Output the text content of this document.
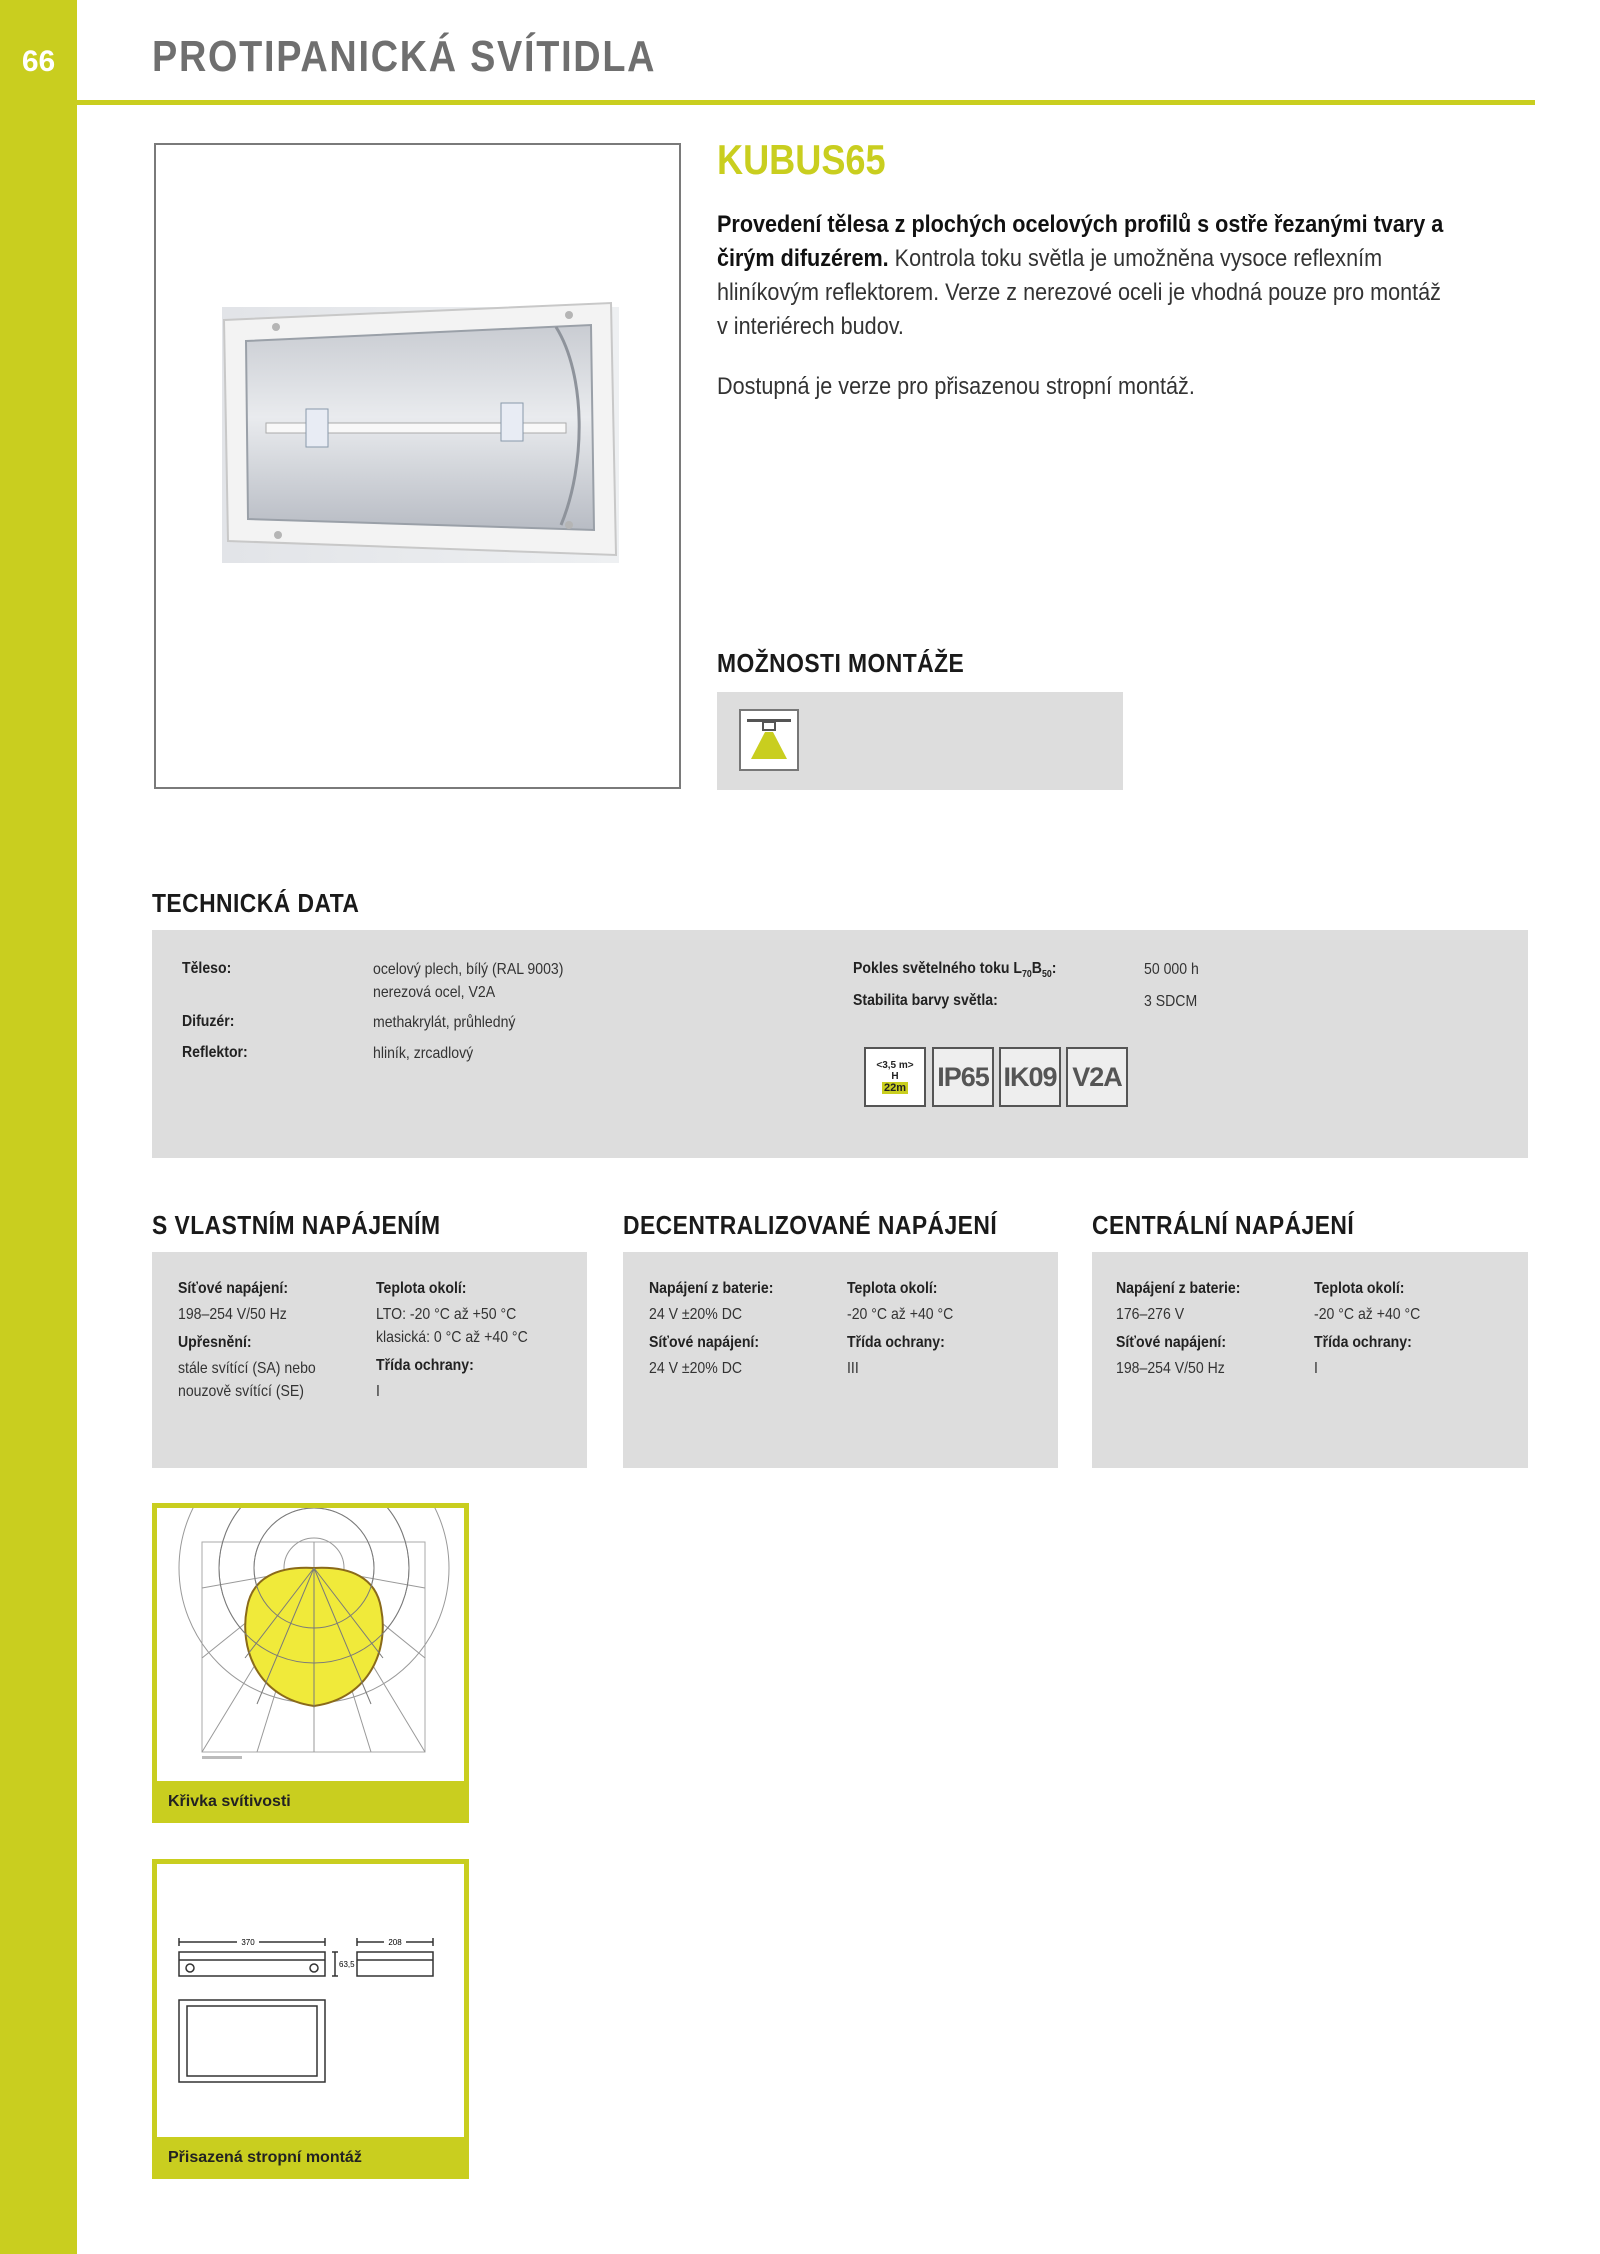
66	PROTIPANICKÁ SVÍTIDLA
KUBUS65
Provedení tělesa z plochých ocelových profilů s ostře řezanými tvary a čirým difuzérem. Kontrola toku světla je umožněna vysoce reflexním hliníkovým reflektorem. Verze z nerezové oceli je vhodná pouze pro montáž v interiérech budov.
Dostupná je verze pro přisazenou stropní montáž.
MOŽNOSTI MONTÁŽE
TECHNICKÁ DATA
Těleso:	ocelový plech, bílý (RAL 9003)
nerezová ocel, V2A
Difuzér:	methakrylát, průhledný
Reflektor:	hliník, zrcadlový
Pokles světelného toku $L_{70}B_{50}$:	50 000 h
Stabilita barvy světla:	3 SDCM
<3,5 m>
H
22m IP65 IK09 V2A
S VLASTNÍM NAPÁJENÍM
Síťové napájení:
198–254 V/50 Hz
Upřesnění:
stále svítící (SA) nebo
nouzově svítící (SE)
Teplota okolí:
LTO: -20 °C až +50 °C
klasická: 0 °C až +40 °C
Třída ochrany:
I
DECENTRALIZOVANÉ NAPÁJENÍ
Napájení z baterie:
24 V ±20% DC
Síťové napájení:
24 V ±20% DC
Teplota okolí:
-20 °C až +40 °C
Třída ochrany:
III
CENTRÁLNÍ NAPÁJENÍ
Napájení z baterie:
176–276 V
Síťové napájení:
198–254 V/50 Hz
Teplota okolí:
-20 °C až +40 °C
Třída ochrany:
I
Křivka svítivosti
370	208
63,5
Přisazená stropní montáž
